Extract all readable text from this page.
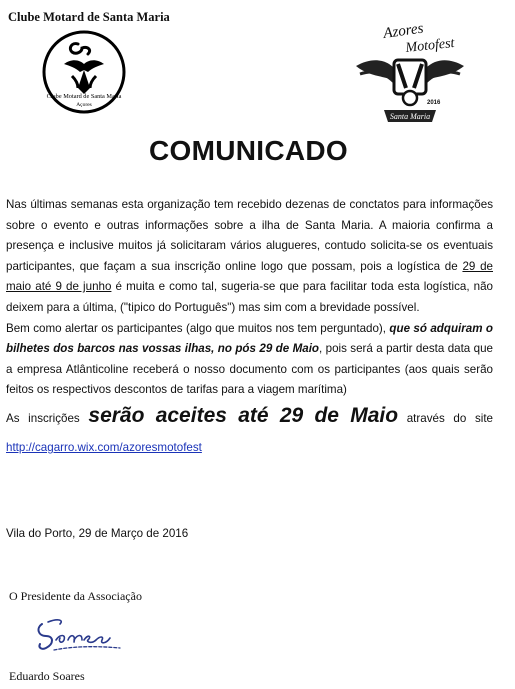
Clube Motard de Santa Maria
Clube Motard de Santa Maria
Açores
Azores
Motofest
2016
Santa Maria
COMUNICADO

Nas últimas semanas esta organização tem recebido dezenas de conctatos para informações sobre o evento e outras informações sobre a ilha de Santa Maria. A maioria confirma a presença e inclusive muitos já solicitaram vários alugueres, contudo solicita-se os eventuais participantes, que façam a sua inscrição online logo que possam, pois a logística de 29 de maio até 9 de junho é muita e como tal, sugeria-se que para facilitar toda esta logística, não deixem para a última, ("tipico do Português") mas sim com a brevidade possível.

Bem como alertar os participantes (algo que muitos nos tem perguntado), que só adquiram o bilhetes dos barcos nas vossas ilhas, no pós 29 de Maio, pois será a partir desta data que a empresa Atlânticoline receberá o nosso documento com os participantes (aos quais serão feitos os respectivos descontos de tarifas para a viagem marítima)

As inscrições serão aceites até 29 de Maio através do site http://cagarro.wix.com/azoresmotofest

Vila do Porto, 29 de Março de 2016
O Presidente da Associação
Eduardo Soares
